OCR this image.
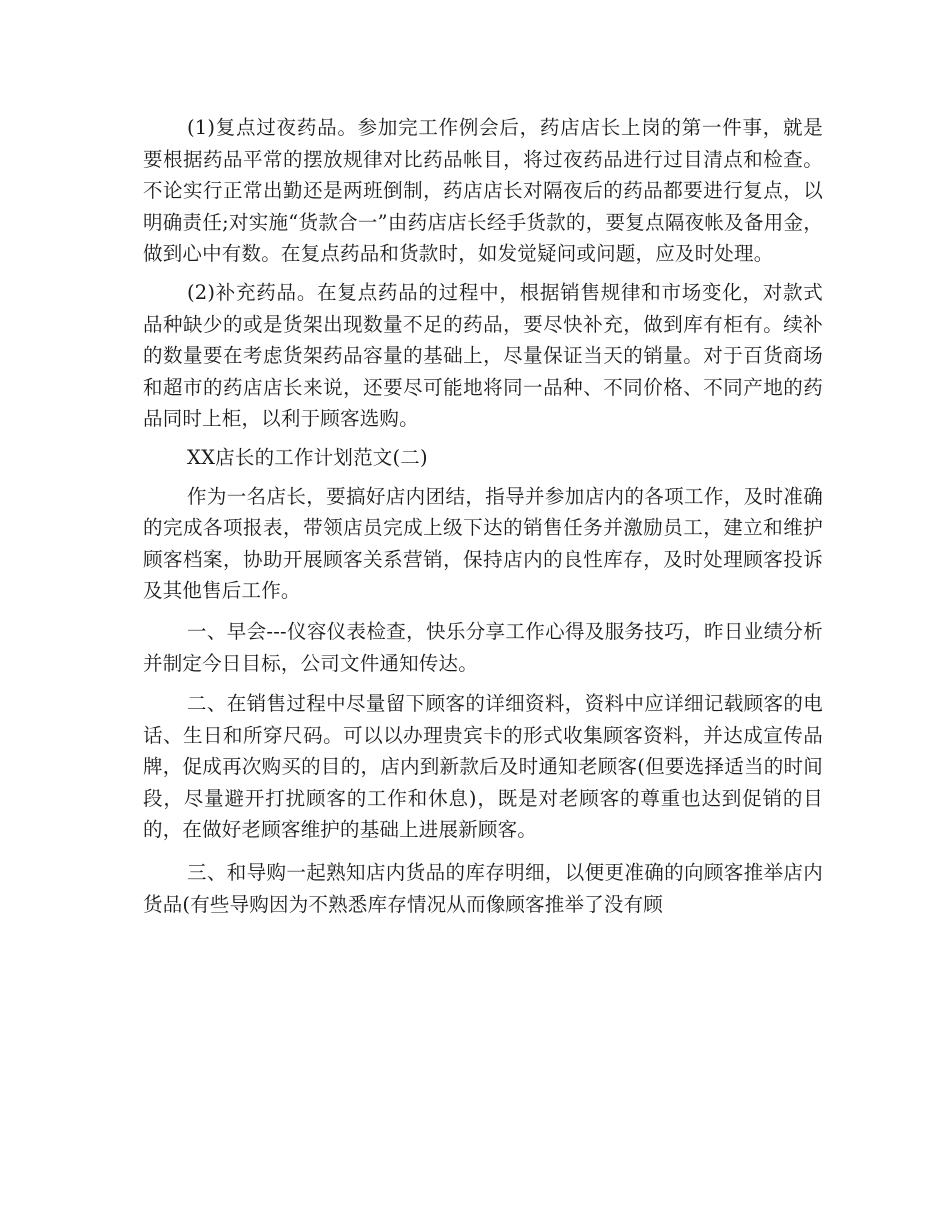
(1)复点过夜药品。参加完工作例会后，药店店长上岗的第一件事，就是要根据药品平常的摆放规律对比药品帐目，将过夜药品进行过目清点和检查。不论实行正常出勤还是两班倒制，药店店长对隔夜后的药品都要进行复点，以明确责任;对实施“货款合一”由药店店长经手货款的，要复点隔夜帐及备用金，做到心中有数。在复点药品和货款时，如发觉疑问或问题，应及时处理。

(2)补充药品。在复点药品的过程中，根据销售规律和市场变化，对款式品种缺少的或是货架出现数量不足的药品，要尽快补充，做到库有柜有。续补的数量要在考虑货架药品容量的基础上，尽量保证当天的销量。对于百货商场和超市的药店店长来说，还要尽可能地将同一品种、不同价格、不同产地的药品同时上柜，以利于顾客选购。

XX店长的工作计划范文(二)

作为一名店长，要搞好店内团结，指导并参加店内的各项工作，及时准确的完成各项报表，带领店员完成上级下达的销售任务并激励员工，建立和维护顾客档案，协助开展顾客关系营销，保持店内的良性库存，及时处理顾客投诉及其他售后工作。

一、早会---仪容仪表检查，快乐分享工作心得及服务技巧，昨日业绩分析并制定今日目标，公司文件通知传达。

二、在销售过程中尽量留下顾客的详细资料，资料中应详细记载顾客的电话、生日和所穿尺码。可以以办理贵宾卡的形式收集顾客资料，并达成宣传品牌，促成再次购买的目的，店内到新款后及时通知老顾客(但要选择适当的时间段，尽量避开打扰顾客的工作和休息)，既是对老顾客的尊重也达到促销的目的，在做好老顾客维护的基础上进展新顾客。

三、和导购一起熟知店内货品的库存明细，以便更准确的向顾客推举店内货品(有些导购因为不熟悉库存情况从而像顾客推举了没有顾
